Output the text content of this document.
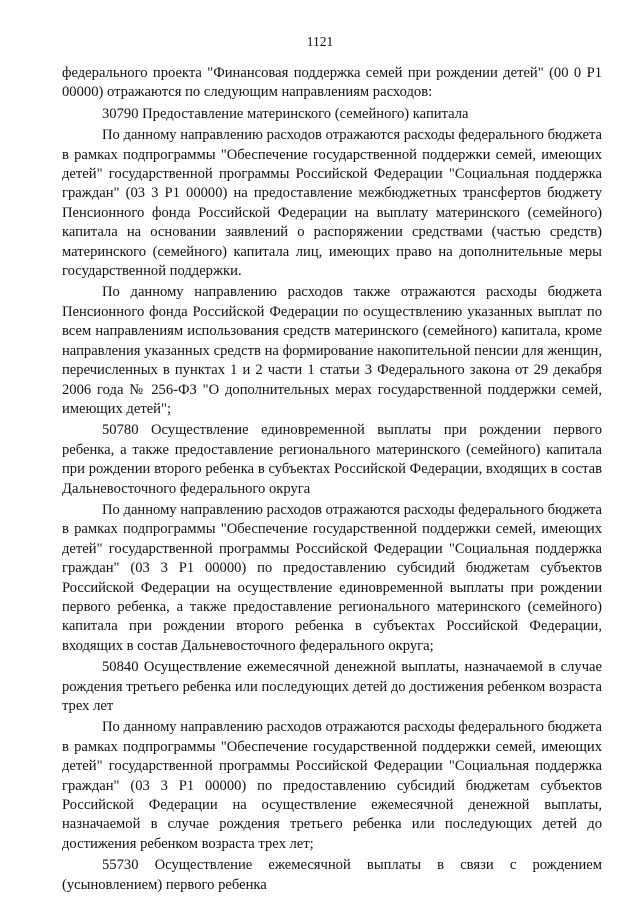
1121

федерального проекта "Финансовая поддержка семей при рождении детей" (00 0 Р1 00000) отражаются по следующим направлениям расходов:

30790 Предоставление материнского (семейного) капитала

По данному направлению расходов отражаются расходы федерального бюджета в рамках подпрограммы "Обеспечение государственной поддержки семей, имеющих детей" государственной программы Российской Федерации "Социальная поддержка граждан" (03 3 Р1 00000) на предоставление межбюджетных трансфертов бюджету Пенсионного фонда Российской Федерации на выплату материнского (семейного) капитала на основании заявлений о распоряжении средствами (частью средств) материнского (семейного) капитала лиц, имеющих право на дополнительные меры государственной поддержки.

По данному направлению расходов также отражаются расходы бюджета Пенсионного фонда Российской Федерации по осуществлению указанных выплат по всем направлениям использования средств материнского (семейного) капитала, кроме направления указанных средств на формирование накопительной пенсии для женщин, перечисленных в пунктах 1 и 2 части 1 статьи 3 Федерального закона от 29 декабря 2006 года № 256-ФЗ "О дополнительных мерах государственной поддержки семей, имеющих детей";

50780 Осуществление единовременной выплаты при рождении первого ребенка, а также предоставление регионального материнского (семейного) капитала при рождении второго ребенка в субъектах Российской Федерации, входящих в состав Дальневосточного федерального округа

По данному направлению расходов отражаются расходы федерального бюджета в рамках подпрограммы "Обеспечение государственной поддержки семей, имеющих детей" государственной программы Российской Федерации "Социальная поддержка граждан" (03 3 Р1 00000) по предоставлению субсидий бюджетам субъектов Российской Федерации на осуществление единовременной выплаты при рождении первого ребенка, а также предоставление регионального материнского (семейного) капитала при рождении второго ребенка в субъектах Российской Федерации, входящих в состав Дальневосточного федерального округа;

50840 Осуществление ежемесячной денежной выплаты, назначаемой в случае рождения третьего ребенка или последующих детей до достижения ребенком возраста трех лет

По данному направлению расходов отражаются расходы федерального бюджета в рамках подпрограммы "Обеспечение государственной поддержки семей, имеющих детей" государственной программы Российской Федерации "Социальная поддержка граждан" (03 3 Р1 00000) по предоставлению субсидий бюджетам субъектов Российской Федерации на осуществление ежемесячной денежной выплаты, назначаемой в случае рождения третьего ребенка или последующих детей до достижения ребенком возраста трех лет;

55730 Осуществление ежемесячной выплаты в связи с рождением (усыновлением) первого ребенка
